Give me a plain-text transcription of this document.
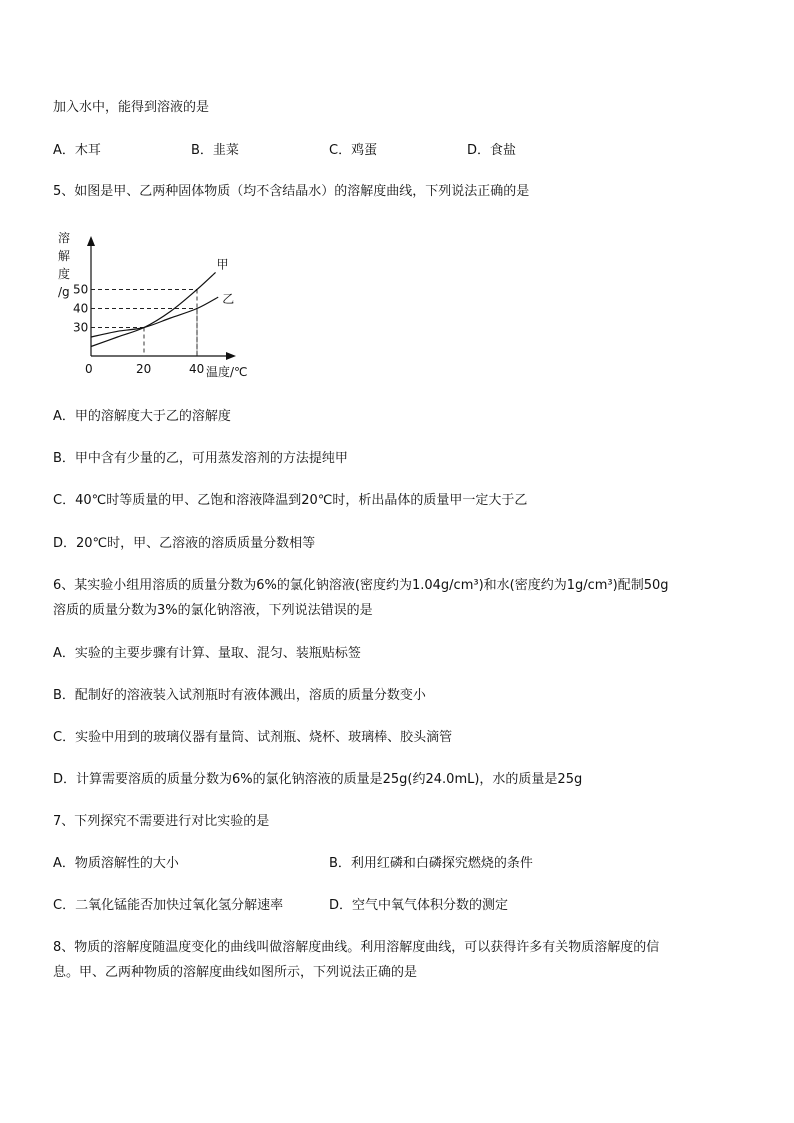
加入水中，能得到溶液的是
A．木耳	B．韭菜	C．鸡蛋	D．食盐
5、如图是甲、乙两种固体物质（均不含结晶水）的溶解度曲线，下列说法正确的是
甲
乙
溶
解
度
/g
30
40
50
20	40
0	温度/℃
A．甲的溶解度大于乙的溶解度
B．甲中含有少量的乙，可用蒸发溶剂的方法提纯甲
C．40℃时等质量的甲、乙饱和溶液降温到20℃时，析出晶体的质量甲一定大于乙
D．20℃时，甲、乙溶液的溶质质量分数相等
6、某实验小组用溶质的质量分数为6%的氯化钠溶液(密度约为1.04g/cm³)和水(密度约为1g/cm³)配制50g
溶质的质量分数为3%的氯化钠溶液，下列说法错误的是
A．实验的主要步骤有计算、量取、混匀、装瓶贴标签
B．配制好的溶液装入试剂瓶时有液体溅出，溶质的质量分数变小
C．实验中用到的玻璃仪器有量筒、试剂瓶、烧杯、玻璃棒、胶头滴管
D．计算需要溶质的质量分数为6%的氯化钠溶液的质量是25g(约24.0mL)，水的质量是25g
7、下列探究不需要进行对比实验的是
A．物质溶解性的大小	B．利用红磷和白磷探究燃烧的条件
C．二氧化锰能否加快过氧化氢分解速率	D．空气中氧气体积分数的测定
8、物质的溶解度随温度变化的曲线叫做溶解度曲线。利用溶解度曲线，可以获得许多有关物质溶解度的信
息。甲、乙两种物质的溶解度曲线如图所示，下列说法正确的是
